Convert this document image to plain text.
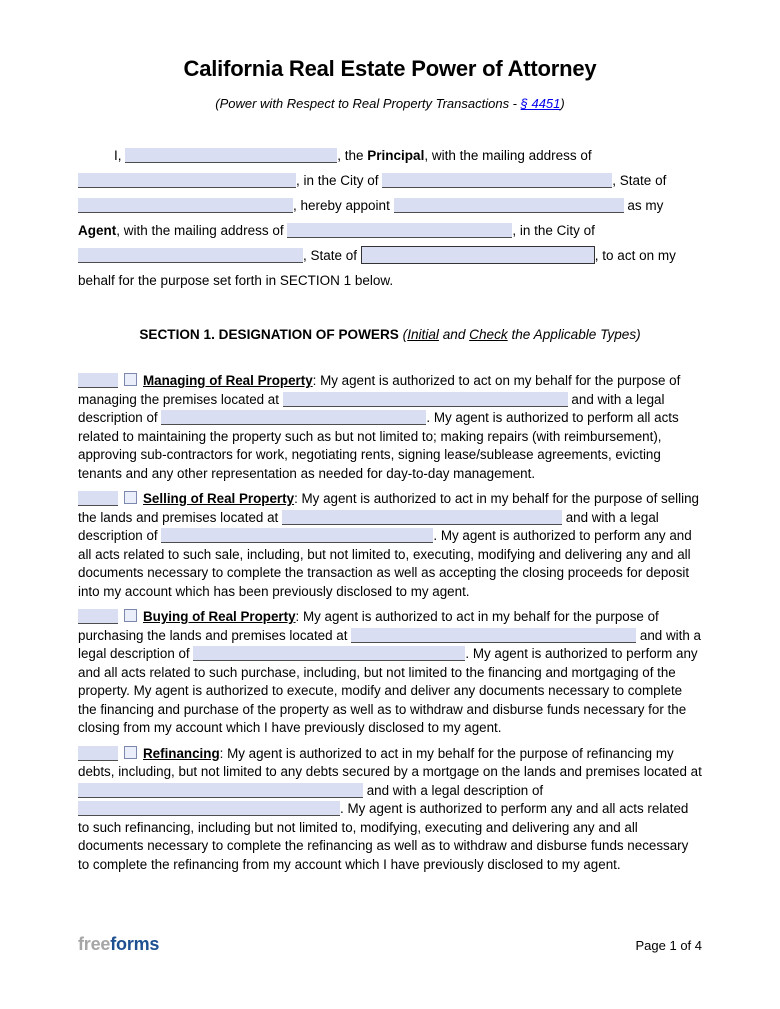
California Real Estate Power of Attorney
(Power with Respect to Real Property Transactions - § 4451)

I,	, the Principal, with the mailing address of , in the City of	, State of , hereby appoint	as my Agent, with the mailing address of	, in the City of , State of	, to act on my behalf for the purpose set forth in SECTION 1 below.

SECTION 1. DESIGNATION OF POWERS (Initial and Check the Applicable Types)

Managing of Real Property: My agent is authorized to act on my behalf for the purpose of managing the premises located at	and with a legal description of	. My agent is authorized to perform all acts related to maintaining the property such as but not limited to; making repairs (with reimbursement), approving sub-contractors for work, negotiating rents, signing lease/sublease agreements, evicting tenants and any other representation as needed for day-to-day management.

Selling of Real Property: My agent is authorized to act in my behalf for the purpose of selling the lands and premises located at	and with a legal description of	. My agent is authorized to perform any and all acts related to such sale, including, but not limited to, executing, modifying and delivering any and all documents necessary to complete the transaction as well as accepting the closing proceeds for deposit into my account which has been previously disclosed to my agent.

Buying of Real Property: My agent is authorized to act in my behalf for the purpose of purchasing the lands and premises located at	and with a legal description of	. My agent is authorized to perform any and all acts related to such purchase, including, but not limited to the financing and mortgaging of the property. My agent is authorized to execute, modify and deliver any documents necessary to complete the financing and purchase of the property as well as to withdraw and disburse funds necessary for the closing from my account which I have previously disclosed to my agent.

Refinancing: My agent is authorized to act in my behalf for the purpose of refinancing my debts, including, but not limited to any debts secured by a mortgage on the lands and premises located at  and with a legal description of . My agent is authorized to perform any and all acts related to such refinancing, including but not limited to, modifying, executing and delivering any and all documents necessary to complete the refinancing as well as to withdraw and disburse funds necessary to complete the refinancing from my account which I have previously disclosed to my agent.

freeforms	Page 1 of 4
